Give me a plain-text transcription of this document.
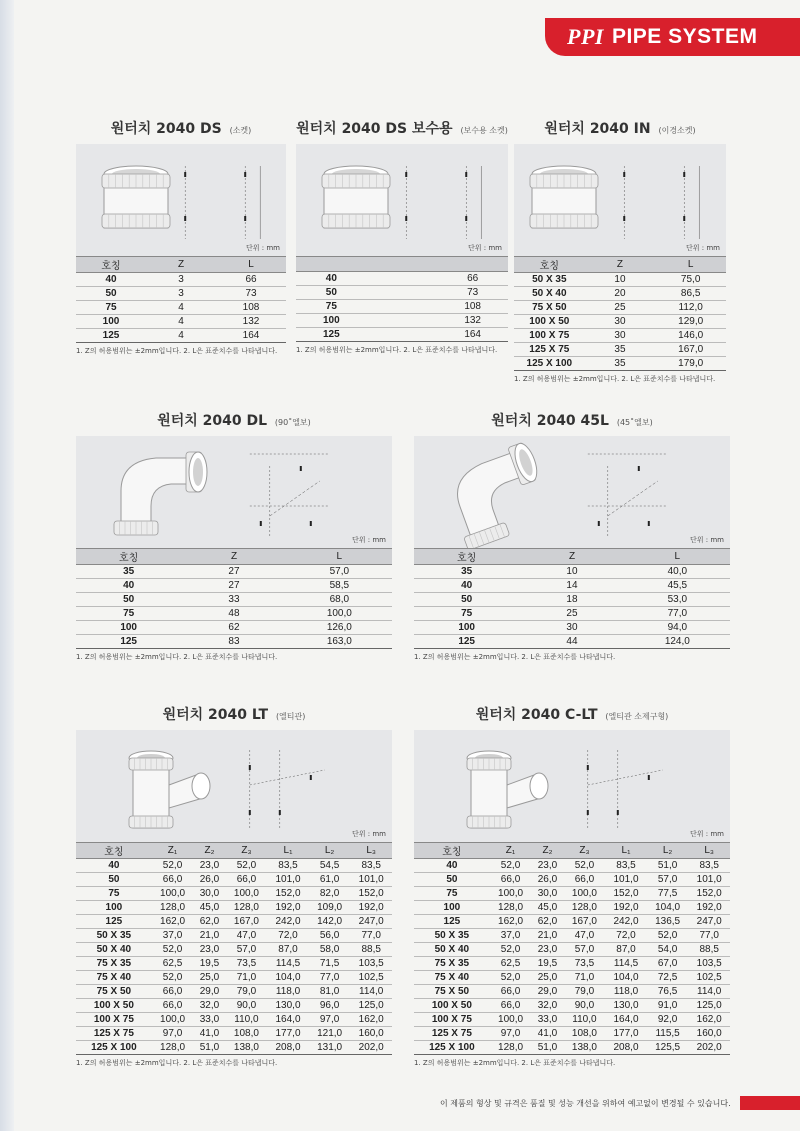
PPI PIPE SYSTEM
원터치 2040 DS (소켓)
단위 : mm
호칭	Z	L
40	3	66
50	3	73
75	4	108
100	4	132
125	4	164
1. Z의 허용범위는 ±2mm입니다. 2. L은 표준치수를 나타냅니다.
원터치 2040 DS 보수용 (보수용 소켓)
단위 : mm

40		66
50		73
75		108
100		132
125		164
1. Z의 허용범위는 ±2mm입니다. 2. L은 표준치수를 나타냅니다.
원터치 2040 IN (이경소켓)
단위 : mm
호칭	Z	L
50 X 35	10	75,0
50 X 40	20	86,5
75 X 50	25	112,0
100 X 50	30	129,0
100 X 75	30	146,0
125 X 75	35	167,0
125 X 100	35	179,0
1. Z의 허용범위는 ±2mm입니다. 2. L은 표준치수를 나타냅니다.
원터치 2040 DL (90˚엘보)
단위 : mm
호칭	Z	L
35	27	57,0
40	27	58,5
50	33	68,0
75	48	100,0
100	62	126,0
125	83	163,0
1. Z의 허용범위는 ±2mm입니다. 2. L은 표준치수를 나타냅니다.
원터치 2040 45L (45˚엘보)
단위 : mm
호칭	Z	L
35	10	40,0
40	14	45,5
50	18	53,0
75	25	77,0
100	30	94,0
125	44	124,0
1. Z의 허용범위는 ±2mm입니다. 2. L은 표준치수를 나타냅니다.
원터치 2040 LT (엘티관)
단위 : mm
호칭	Z₁	Z₂	Z₃	L₁	L₂	L₃
40	52,0	23,0	52,0	83,5	54,5	83,5
50	66,0	26,0	66,0	101,0	61,0	101,0
75	100,0	30,0	100,0	152,0	82,0	152,0
100	128,0	45,0	128,0	192,0	109,0	192,0
125	162,0	62,0	167,0	242,0	142,0	247,0
50 X 35	37,0	21,0	47,0	72,0	56,0	77,0
50 X 40	52,0	23,0	57,0	87,0	58,0	88,5
75 X 35	62,5	19,5	73,5	114,5	71,5	103,5
75 X 40	52,0	25,0	71,0	104,0	77,0	102,5
75 X 50	66,0	29,0	79,0	118,0	81,0	114,0
100 X 50	66,0	32,0	90,0	130,0	96,0	125,0
100 X 75	100,0	33,0	110,0	164,0	97,0	162,0
125 X 75	97,0	41,0	108,0	177,0	121,0	160,0
125 X 100	128,0	51,0	138,0	208,0	131,0	202,0
1. Z의 허용범위는 ±2mm입니다. 2. L은 표준치수를 나타냅니다.
원터치 2040 C-LT (엘티관 소제구형)
단위 : mm
호칭	Z₁	Z₂	Z₃	L₁	L₂	L₃
40	52,0	23,0	52,0	83,5	51,0	83,5
50	66,0	26,0	66,0	101,0	57,0	101,0
75	100,0	30,0	100,0	152,0	77,5	152,0
100	128,0	45,0	128,0	192,0	104,0	192,0
125	162,0	62,0	167,0	242,0	136,5	247,0
50 X 35	37,0	21,0	47,0	72,0	52,0	77,0
50 X 40	52,0	23,0	57,0	87,0	54,0	88,5
75 X 35	62,5	19,5	73,5	114,5	67,0	103,5
75 X 40	52,0	25,0	71,0	104,0	72,5	102,5
75 X 50	66,0	29,0	79,0	118,0	76,5	114,0
100 X 50	66,0	32,0	90,0	130,0	91,0	125,0
100 X 75	100,0	33,0	110,0	164,0	92,0	162,0
125 X 75	97,0	41,0	108,0	177,0	115,5	160,0
125 X 100	128,0	51,0	138,0	208,0	125,5	202,0
1. Z의 허용범위는 ±2mm입니다. 2. L은 표준치수를 나타냅니다.
이 제품의 형상 및 규격은 품질 및 성능 개선을 위하여 예고없이 변경될 수 있습니다.
